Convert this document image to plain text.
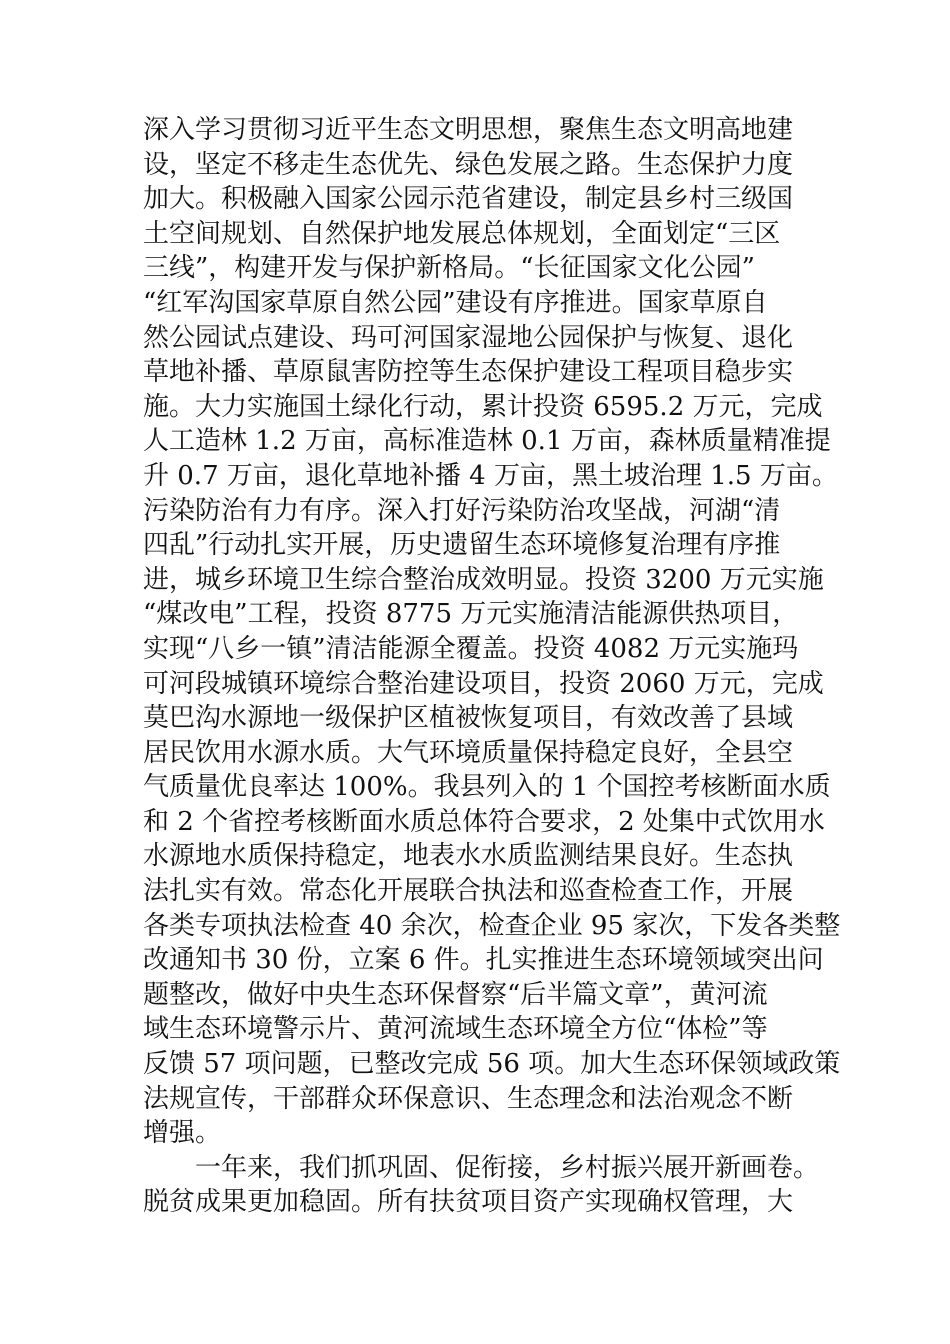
深入学习贯彻习近平生态文明思想，聚焦生态文明高地建
设，坚定不移走生态优先、绿色发展之路。生态保护力度
加大。积极融入国家公园示范省建设，制定县乡村三级国
土空间规划、自然保护地发展总体规划，全面划定“三区
三线”，构建开发与保护新格局。“长征国家文化公园”
“红军沟国家草原自然公园”建设有序推进。国家草原自
然公园试点建设、玛可河国家湿地公园保护与恢复、退化
草地补播、草原鼠害防控等生态保护建设工程项目稳步实
施。大力实施国土绿化行动，累计投资 6595.2 万元，完成
人工造林 1.2 万亩，高标准造林 0.1 万亩，森林质量精准提
升 0.7 万亩，退化草地补播 4 万亩，黑土坡治理 1.5 万亩。
污染防治有力有序。深入打好污染防治攻坚战，河湖“清
四乱”行动扎实开展，历史遗留生态环境修复治理有序推
进，城乡环境卫生综合整治成效明显。投资 3200 万元实施
“煤改电”工程，投资 8775 万元实施清洁能源供热项目，
实现“八乡一镇”清洁能源全覆盖。投资 4082 万元实施玛
可河段城镇环境综合整治建设项目，投资 2060 万元，完成
莫巴沟水源地一级保护区植被恢复项目，有效改善了县域
居民饮用水源水质。大气环境质量保持稳定良好，全县空
气质量优良率达 100%。我县列入的 1 个国控考核断面水质
和 2 个省控考核断面水质总体符合要求，2 处集中式饮用水
水源地水质保持稳定，地表水水质监测结果良好。生态执
法扎实有效。常态化开展联合执法和巡查检查工作，开展
各类专项执法检查 40 余次，检查企业 95 家次，下发各类整
改通知书 30 份，立案 6 件。扎实推进生态环境领域突出问
题整改，做好中央生态环保督察“后半篇文章”，黄河流
域生态环境警示片、黄河流域生态环境全方位“体检”等
反馈 57 项问题，已整改完成 56 项。加大生态环保领域政策
法规宣传，干部群众环保意识、生态理念和法治观念不断
增强。
一年来，我们抓巩固、促衔接，乡村振兴展开新画卷。
脱贫成果更加稳固。所有扶贫项目资产实现确权管理，大
